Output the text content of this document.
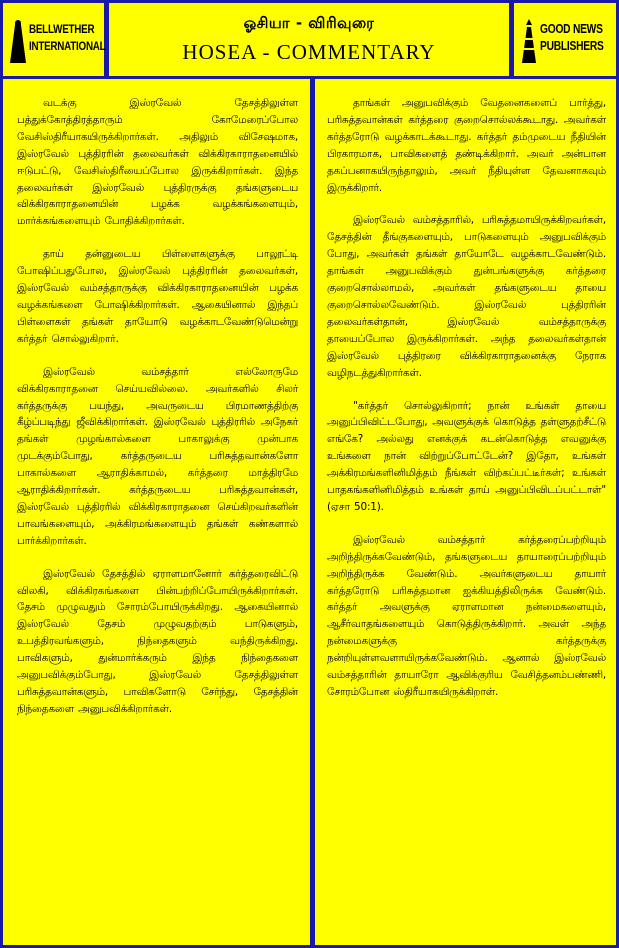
BELLWETHER
INTERNATIONAL
ஓசியா - விரிவுரை
HOSEA - COMMENTARY
GOOD NEWS
PUBLISHERS

வடக்கு இஸ்ரவேல் தேசத்திலுள்ள பத்துக்கோத்திரத்தாரும் கோமேரைப்போல வேசிஸ்திரீயாகயிருக்கிறார்கள். அதிலும் விசேஷமாக, இஸ்ரவேல் புத்திரரின் தலைவர்கள் விக்கிரகாராதனையில் ஈடுபட்டு, வேசிஸ்திரீயைப்போல இருக்கிறார்கள். இந்த தலைவர்கள் இஸ்ரவேல் புத்திரருக்கு தங்களுடைய விக்கிரகாராதனையின் பழக்க வழக்கங்களையும், மார்க்கங்களையும் போதிக்கிறார்கள்.

தாய் தன்னுடைய பிள்ளைகளுக்கு பாலூட்டி போஷிப்பதுபோல, இஸ்ரவேல் புத்திரரின் தலைவர்கள், இஸ்ரவேல் வம்சத்தாருக்கு விக்கிரகாராதனையின் பழக்க வழக்கங்களை போஷிக்கிறார்கள். ஆகையினால் இந்தப் பிள்ளைகள் தங்கள் தாயோடு வழக்காடவேண்டுமென்று கர்த்தர் சொல்லுகிறார்.

இஸ்ரவேல் வம்சத்தார் எல்லோருமே விக்கிரகாராதனை செய்யவில்லை. அவர்களில் சிலர் கர்த்தருக்கு பயந்து, அவருடைய பிரமாணத்திற்கு கீழ்ப்படிந்து ஜீவிக்கிறார்கள். இஸ்ரவேல் புத்திரரில் அநேகர் தங்கள் முழங்கால்களை பாகாலுக்கு முன்பாக முடக்கும்போது, கர்த்தருடைய பரிசுத்தவான்களோ பாகால்களை ஆராதிக்காமல், கர்த்தரை மாத்திரமே ஆராதிக்கிறார்கள். கர்த்தருடைய பரிசுத்தவான்கள், இஸ்ரவேல் புத்திரரில் விக்கிரகாராதனை செய்கிறவர்களின் பாவங்களையும், அக்கிரமங்களையும் தங்கள் கண்களால் பார்க்கிறார்கள்.

இஸ்ரவேல் தேசத்தில் ஏராளமானோர் கர்த்தரைவிட்டு விலகி, விக்கிரகங்களை பின்பற்றிப்போயிருக்கிறார்கள். தேசம் முழுவதும் சோரம்போயிருக்கிறது. ஆகையினால் இஸ்ரவேல் தேசம் முழுவதற்கும் பாடுகளும், உபத்திரவங்களும், நிந்தைகளும் வந்திருக்கிறது. பாவிகளும், துன்மார்க்கரும் இந்த நிந்தைகளை அனுபவிக்கும்போது, இஸ்ரவேல் தேசத்திலுள்ள பரிசுத்தவான்களும், பாவிகளோடு சேர்ந்து, தேசத்தின் நிந்தைகளை அனுபவிக்கிறார்கள்.

தாங்கள் அனுபவிக்கும் வேதனைகளைப் பார்த்து, பரிசுத்தவான்கள் கர்த்தரை குறைசொல்லக்கூடாது. அவர்கள் கர்த்தரோடு வழக்காடக்கூடாது. கர்த்தர் தம்முடைய நீதியின் பிரகாரமாக, பாவிகளைத் தண்டிக்கிறார். அவர் அன்பான தகப்பனாகயிருந்தாலும், அவர் நீதியுள்ள தேவனாகவும் இருக்கிறார்.

இஸ்ரவேல் வம்சத்தாரில், பரிசுத்தமாயிருக்கிறவர்கள், தேசத்தின் தீங்குகளையும், பாடுகளையும் அனுபவிக்கும் போது, அவர்கள் தங்கள் தாயோடே வழக்காடவேண்டும். தாங்கள் அனுபவிக்கும் துன்பங்களுக்கு கர்த்தரை குறைசொல்லாமல், அவர்கள் தங்களுடைய தாயை குறைசொல்லவேண்டும். இஸ்ரவேல் புத்திரரின் தலைவர்கள்தான், இஸ்ரவேல் வம்சத்தாருக்கு தாயைப்போல இருக்கிறார்கள். அந்த தலைவர்கள்தான் இஸ்ரவேல் புத்திரரை விக்கிரகாராதனைக்கு நேராக வழிநடத்துகிறார்கள்.

"கர்த்தர் சொல்லுகிறார்; நான் உங்கள் தாயை அனுப்பிவிட்டபோது, அவளுக்குக் கொடுத்த தள்ளுதற்சீட்டு எங்கே? அல்லது எனக்குக் கடன்கொடுத்த எவனுக்கு உங்களை நான் விற்றுப்போட்டேன்? இதோ, உங்கள் அக்கிரமங்களினிமித்தம் நீங்கள் விற்கப்பட்டீர்கள்; உங்கள் பாதகங்களினிமித்தம் உங்கள் தாய் அனுப்பிவிடப்பட்டாள்" (ஏசா 50:1).

இஸ்ரவேல் வம்சத்தார் கர்த்தரைப்பற்றியும் அறிந்திருக்கவேண்டும், தங்களுடைய தாயாரைப்பற்றியும் அறிந்திருக்க வேண்டும். அவர்களுடைய தாயார் கர்த்தரோடு பரிசுத்தமான ஐக்கியத்திலிருக்க வேண்டும். கர்த்தர் அவளுக்கு ஏராளமான நன்மைகளையும், ஆசீர்வாதங்களையும் கொடுத்திருக்கிறார். அவள் அந்த நன்மைகளுக்கு கர்த்தருக்கு நன்றியுள்ளவளாயிருக்கவேண்டும். ஆனால் இஸ்ரவேல் வம்சத்தாரின் தாயாரோ ஆவிக்குரிய வேசித்தனம்பண்ணி, சோரம்போன ஸ்திரீயாகயிருக்கிறாள்.
